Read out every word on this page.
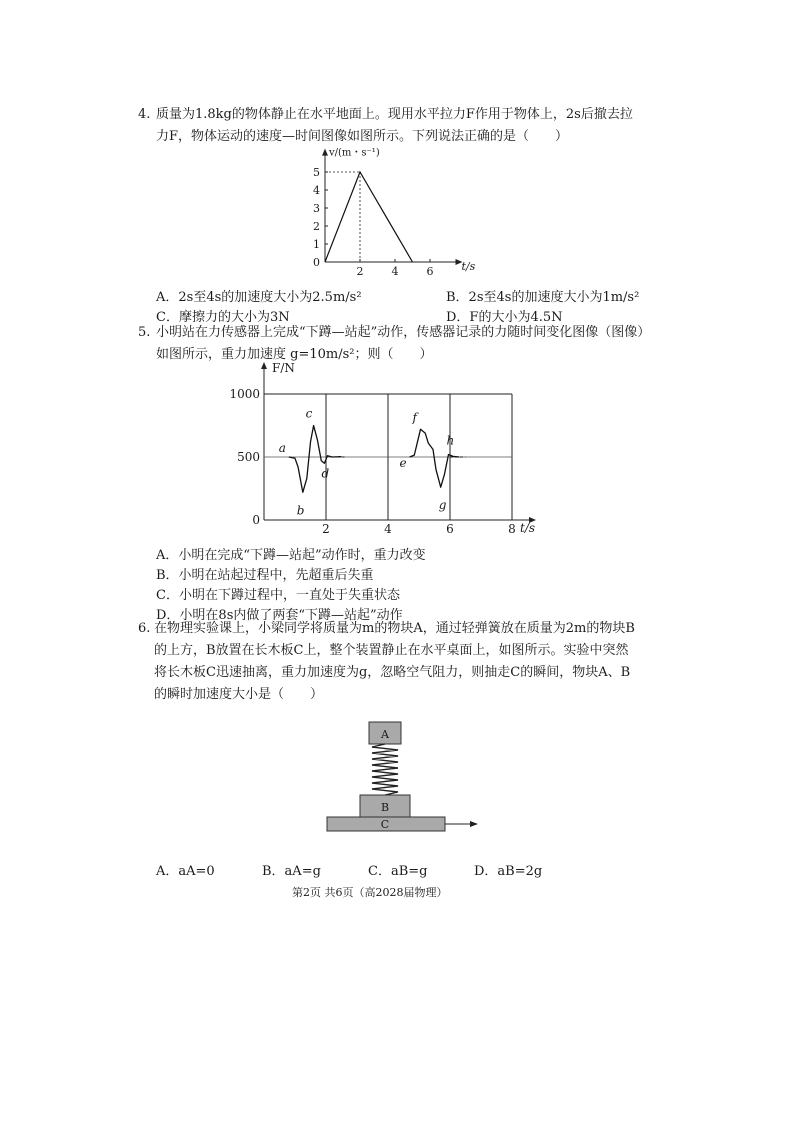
4. 质量为1.8kg的物体静止在水平地面上。现用水平拉力F作用于物体上，2s后撤去拉
力F，物体运动的速度—时间图像如图所示。下列说法正确的是（　　）
0
1
2
3
4
5
2	4	6
v/(m・s⁻¹)
t/s
A．2s至4s的加速度大小为2.5m/s²	B．2s至4s的加速度大小为1m/s²
C．摩擦力的大小为3N	D．F的大小为4.5N
5. 小明站在力传感器上完成“下蹲—站起”动作，传感器记录的力随时间变化图像（图像）
如图所示，重力加速度 g=10m/s²；则（　　）
2	4	6	8
0
500
1000
a
b
c
d
e
f
g
h
F/N
t/s
A．小明在完成“下蹲—站起”动作时，重力改变
B．小明在站起过程中，先超重后失重
C．小明在下蹲过程中，一直处于失重状态
D．小明在8s内做了两套“下蹲—站起”动作
6. 在物理实验课上，小梁同学将质量为m的物块A，通过轻弹簧放在质量为2m的物块B
的上方，B放置在长木板C上，整个装置静止在水平桌面上，如图所示。实验中突然
将长木板C迅速抽离，重力加速度为g，忽略空气阻力，则抽走C的瞬间，物块A、B
的瞬时加速度大小是（　　）
A
B
C
A．aA=0	B．aA=g	C．aB=g	D．aB=2g
第2页 共6页（高2028届物理）
